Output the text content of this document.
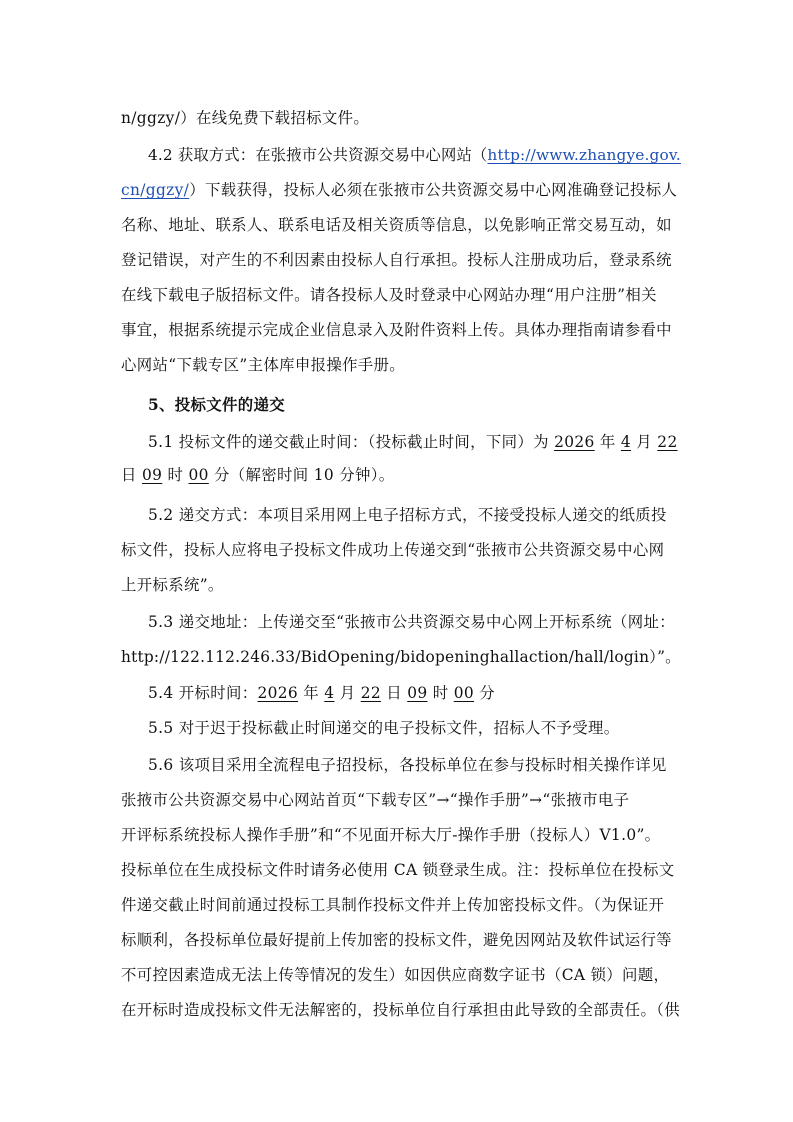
n/ggzy/）在线免费下载招标文件。
4.2 获取方式：在张掖市公共资源交易中心网站（http://www.zhangye.gov.
cn/ggzy/）下载获得，投标人必须在张掖市公共资源交易中心网准确登记投标人
名称、地址、联系人、联系电话及相关资质等信息，以免影响正常交易互动，如
登记错误，对产生的不利因素由投标人自行承担。投标人注册成功后，登录系统
在线下载电子版招标文件。请各投标人及时登录中心网站办理“用户注册”相关
事宜，根据系统提示完成企业信息录入及附件资料上传。具体办理指南请参看中
心网站“下载专区”主体库申报操作手册。
5、投标文件的递交
5.1 投标文件的递交截止时间：（投标截止时间，下同）为 2026 年 4 月 22
日 09 时 00 分（解密时间 10 分钟）。
5.2 递交方式：本项目采用网上电子招标方式，不接受投标人递交的纸质投
标文件，投标人应将电子投标文件成功上传递交到“张掖市公共资源交易中心网
上开标系统”。
5.3 递交地址：上传递交至“张掖市公共资源交易中心网上开标系统（网址：
http://122.112.246.33/BidOpening/bidopeninghallaction/hall/login）”。
5.4 开标时间：2026 年 4 月 22 日 09 时 00 分
5.5 对于迟于投标截止时间递交的电子投标文件，招标人不予受理。
5.6 该项目采用全流程电子招投标，各投标单位在参与投标时相关操作详见
张掖市公共资源交易中心网站首页“下载专区”→“操作手册”→“张掖市电子
开评标系统投标人操作手册”和“不见面开标大厅-操作手册（投标人）V1.0”。
投标单位在生成投标文件时请务必使用 CA 锁登录生成。注：投标单位在投标文
件递交截止时间前通过投标工具制作投标文件并上传加密投标文件。（为保证开
标顺利，各投标单位最好提前上传加密的投标文件，避免因网站及软件试运行等
不可控因素造成无法上传等情况的发生）如因供应商数字证书（CA 锁）问题，
在开标时造成投标文件无法解密的，投标单位自行承担由此导致的全部责任。（供
